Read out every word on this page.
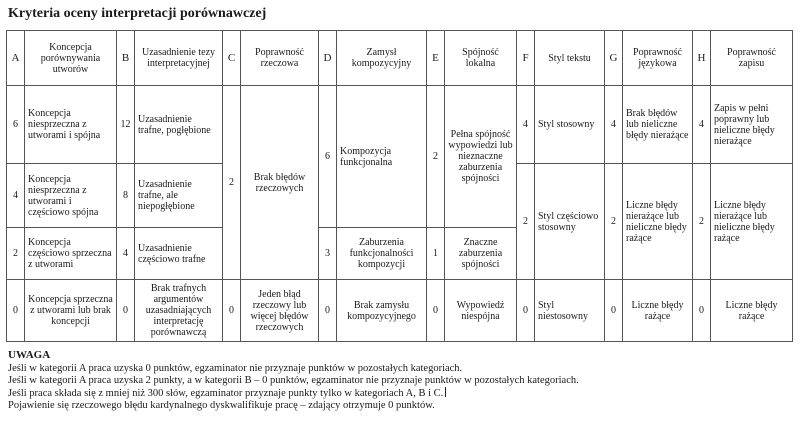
Kryteria oceny interpretacji porównawczej
A	Koncepcja porównywania utworów	B	Uzasadnienie tezy interpretacyjnej	C	Poprawność rzeczowa	D	Zamysł kompozycyjny	E	Spójność lokalna	F	Styl tekstu	G	Poprawność językowa	H	Poprawność zapisu
6	Koncepcja niesprzeczna z utworami i spójna	12	Uzasadnienie trafne, pogłębione	2	Brak błędów rzeczowych	6	Kompozycja funkcjonalna	2	Pełna spójność wypowiedzi lub nieznaczne zaburzenia spójności	4	Styl stosowny	4	Brak błędów lub nieliczne błędy nierażące	4	Zapis w pełni poprawny lub nieliczne błędy nierażące
4	Koncepcja niesprzeczna z utworami i częściowo spójna	8	Uzasadnienie trafne, ale niepogłębione							2	Styl częściowo stosowny	2	Liczne błędy nierażące lub nieliczne błędy rażące	2	Liczne błędy nierażące lub nieliczne błędy rażące
2	Koncepcja częściowo sprzeczna z utworami	4	Uzasadnienie częściowo trafne			3	Zaburzenia funkcjonalności kompozycji	1	Znaczne zaburzenia spójności						
0	Koncepcja sprzeczna z utworami lub brak koncepcji	0	Brak trafnych argumentów uzasadniających interpretację porównawczą	0	Jeden błąd rzeczowy lub więcej błędów rzeczowych	0	Brak zamysłu kompozycyjnego	0	Wypowiedź niespójna	0	Styl niestosowny	0	Liczne błędy rażące	0	Liczne błędy rażące
UWAGA
Jeśli w kategorii A praca uzyska 0 punktów, egzaminator nie przyznaje punktów w pozostałych kategoriach.
Jeśli w kategorii A praca uzyska 2 punkty, a w kategorii B – 0 punktów, egzaminator nie przyznaje punktów w pozostałych kategoriach.
Jeśli praca składa się z mniej niż 300 słów, egzaminator przyznaje punkty tylko w kategoriach A, B i C.
Pojawienie się rzeczowego błędu kardynalnego dyskwalifikuje pracę – zdający otrzymuje 0 punktów.
